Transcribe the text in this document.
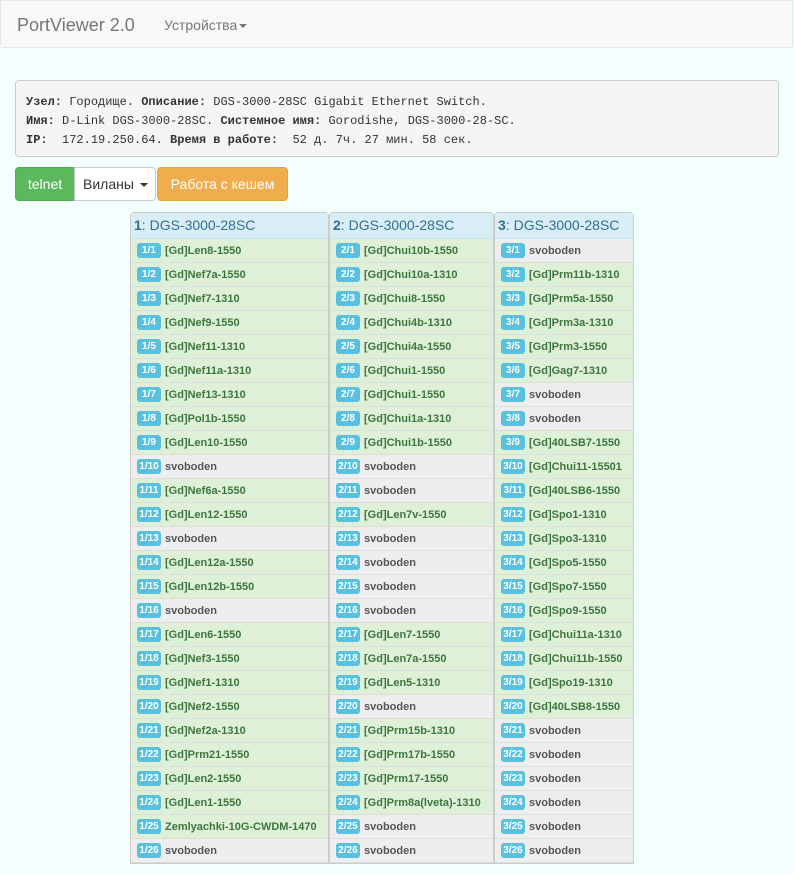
PortViewer 2.0 Устройства
Узел: Городище. Описание: DGS-3000-28SC Gigabit Ethernet Switch.
Имя: D-Link DGS-3000-28SC. Системное имя: Gorodishe, DGS-3000-28-SC.
IP: 172.19.250.64. Время в работе: 52 д. 7ч. 27 мин. 58 сек.
telnet	Виланы	Работа с кешем
1: DGS-3000-28SC
1/1 [Gd]Len8-1550
1/2 [Gd]Nef7a-1550
1/3 [Gd]Nef7-1310
1/4 [Gd]Nef9-1550
1/5 [Gd]Nef11-1310
1/6 [Gd]Nef11a-1310
1/7 [Gd]Nef13-1310
1/8 [Gd]Pol1b-1550
1/9 [Gd]Len10-1550
1/10 svoboden
1/11 [Gd]Nef6a-1550
1/12 [Gd]Len12-1550
1/13 svoboden
1/14 [Gd]Len12a-1550
1/15 [Gd]Len12b-1550
1/16 svoboden
1/17 [Gd]Len6-1550
1/18 [Gd]Nef3-1550
1/19 [Gd]Nef1-1310
1/20 [Gd]Nef2-1550
1/21 [Gd]Nef2a-1310
1/22 [Gd]Prm21-1550
1/23 [Gd]Len2-1550
1/24 [Gd]Len1-1550
1/25 Zemlyachki-10G-CWDM-1470
1/26 svoboden
2: DGS-3000-28SC
2/1 [Gd]Chui10b-1550
2/2 [Gd]Chui10a-1310
2/3 [Gd]Chui8-1550
2/4 [Gd]Chui4b-1310
2/5 [Gd]Chui4a-1550
2/6 [Gd]Chui1-1550
2/7 [Gd]Chui1-1550
2/8 [Gd]Chui1a-1310
2/9 [Gd]Chui1b-1550
2/10 svoboden
2/11 svoboden
2/12 [Gd]Len7v-1550
2/13 svoboden
2/14 svoboden
2/15 svoboden
2/16 svoboden
2/17 [Gd]Len7-1550
2/18 [Gd]Len7a-1550
2/19 [Gd]Len5-1310
2/20 svoboden
2/21 [Gd]Prm15b-1310
2/22 [Gd]Prm17b-1550
2/23 [Gd]Prm17-1550
2/24 [Gd]Prm8a(lveta)-1310
2/25 svoboden
2/26 svoboden
3: DGS-3000-28SC
3/1 svoboden
3/2 [Gd]Prm11b-1310
3/3 [Gd]Prm5a-1550
3/4 [Gd]Prm3a-1310
3/5 [Gd]Prm3-1550
3/6 [Gd]Gag7-1310
3/7 svoboden
3/8 svoboden
3/9 [Gd]40LSB7-1550
3/10 [Gd]Chui11-15501
3/11 [Gd]40LSB6-1550
3/12 [Gd]Spo1-1310
3/13 [Gd]Spo3-1310
3/14 [Gd]Spo5-1550
3/15 [Gd]Spo7-1550
3/16 [Gd]Spo9-1550
3/17 [Gd]Chui11a-1310
3/18 [Gd]Chui11b-1550
3/19 [Gd]Spo19-1310
3/20 [Gd]40LSB8-1550
3/21 svoboden
3/22 svoboden
3/23 svoboden
3/24 svoboden
3/25 svoboden
3/26 svoboden
